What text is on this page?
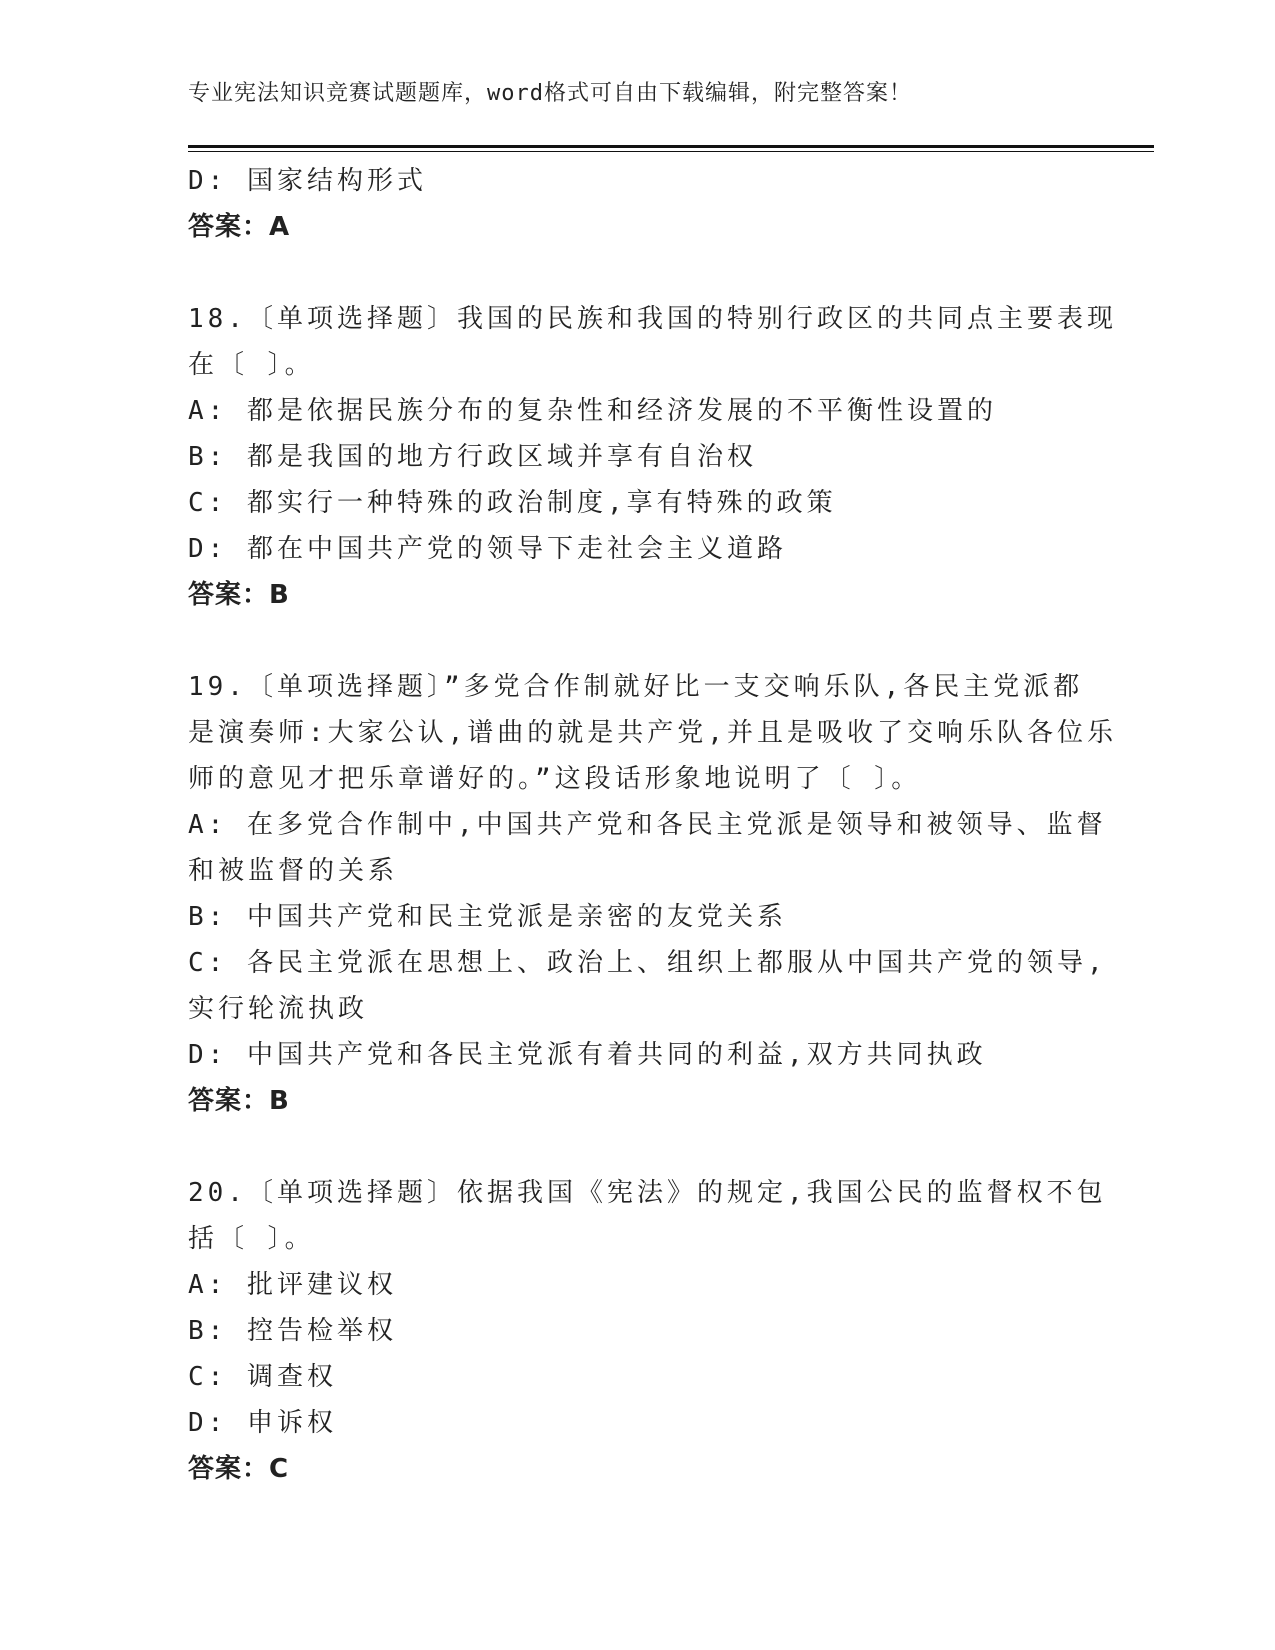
专业宪法知识竞赛试题题库，word格式可自由下载编辑，附完整答案！
D: 国家结构形式
答案：A
18.〔单项选择题〕我国的民族和我国的特别行政区的共同点主要表现
在〔 〕。
A: 都是依据民族分布的复杂性和经济发展的不平衡性设置的
B: 都是我国的地方行政区域并享有自治权
C: 都实行一种特殊的政治制度,享有特殊的政策
D: 都在中国共产党的领导下走社会主义道路
答案：B
19.〔单项选择题〕”多党合作制就好比一支交响乐队,各民主党派都
是演奏师:大家公认,谱曲的就是共产党,并且是吸收了交响乐队各位乐
师的意见才把乐章谱好的。”这段话形象地说明了〔 〕。
A: 在多党合作制中,中国共产党和各民主党派是领导和被领导、监督
和被监督的关系
B: 中国共产党和民主党派是亲密的友党关系
C: 各民主党派在思想上、政治上、组织上都服从中国共产党的领导,
实行轮流执政
D: 中国共产党和各民主党派有着共同的利益,双方共同执政
答案：B
20.〔单项选择题〕依据我国《宪法》的规定,我国公民的监督权不包
括〔 〕。
A: 批评建议权
B: 控告检举权
C: 调查权
D: 申诉权
答案：C
